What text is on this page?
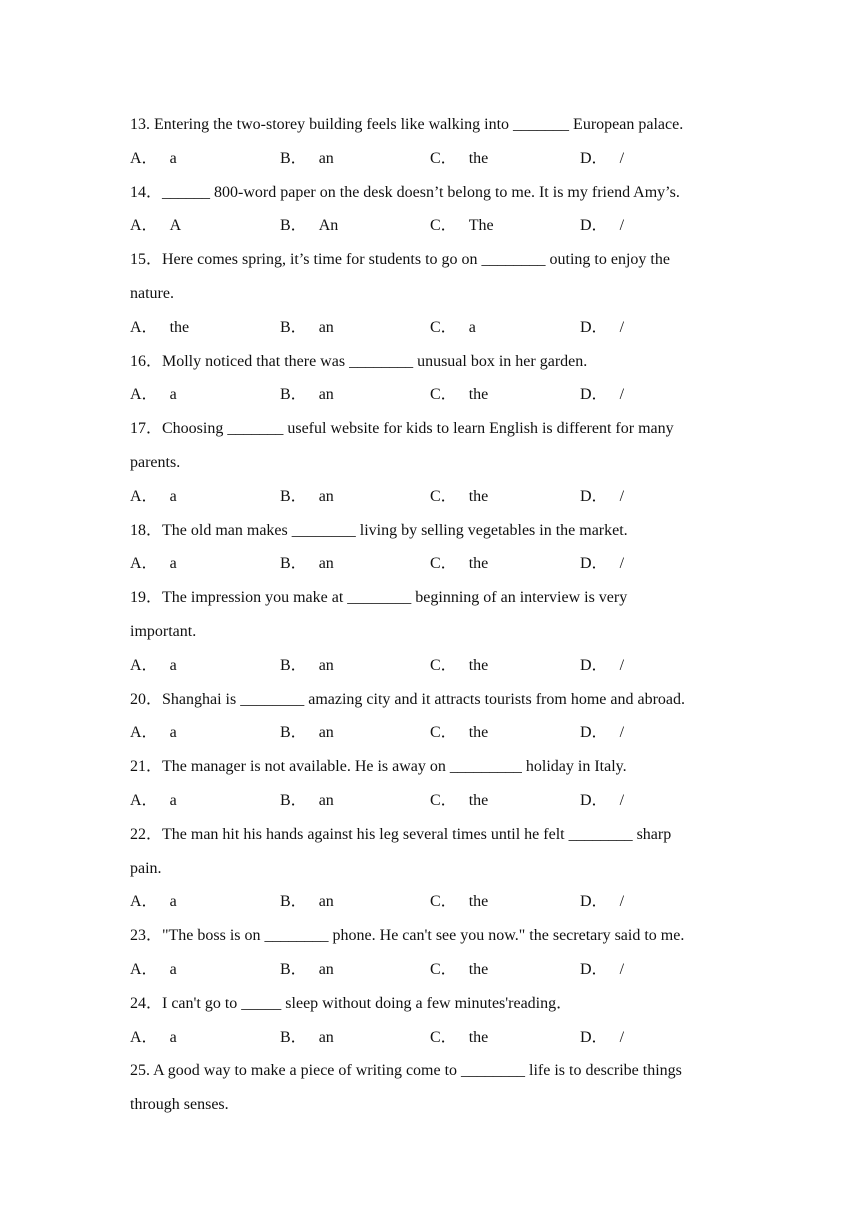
13. Entering the two-storey building feels like walking into _______ European palace.
A． a	B． an	C． the	D． /
14．______ 800-word paper on the desk doesn’t belong to me. It is my friend Amy’s.
A． A	B． An	C． The	D． /
15．Here comes spring, it’s time for students to go on ________ outing to enjoy the
nature.
A． the	B． an	C． a	D． /
16．Molly noticed that there was ________ unusual box in her garden.
A． a	B． an	C． the	D． /
17．Choosing _______ useful website for kids to learn English is different for many
parents.
A． a	B． an	C． the	D． /
18．The old man makes ________ living by selling vegetables in the market.
A． a	B． an	C． the	D． /
19．The impression you make at ________ beginning of an interview is very
important.
A． a	B． an	C． the	D． /
20．Shanghai is ________ amazing city and it attracts tourists from home and abroad.
A． a	B． an	C． the	D． /
21．The manager is not available. He is away on _________ holiday in Italy.
A． a	B． an	C． the	D． /
22．The man hit his hands against his leg several times until he felt ________ sharp
pain.
A． a	B． an	C． the	D． /
23．"The boss is on ________ phone. He can't see you now." the secretary said to me.
A． a	B． an	C． the	D． /
24．I can't go to _____ sleep without doing a few minutes'reading．
A． a	B． an	C． the	D． /
25. A good way to make a piece of writing come to ________ life is to describe things
through senses.
